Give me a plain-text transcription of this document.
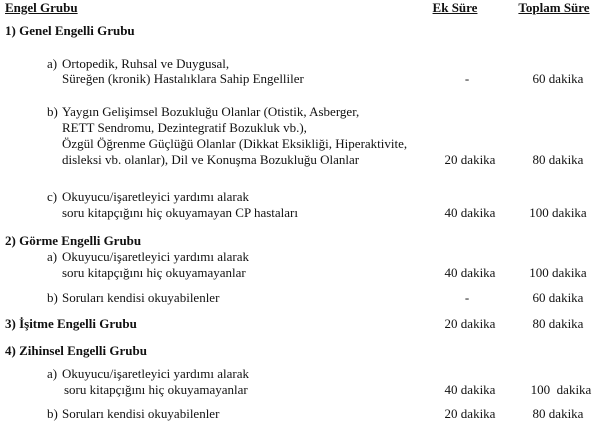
Engel Grubu	Ek Süre	Toplam Süre
1) Genel Engelli Grubu
a) Ortopedik, Ruhsal ve Duygusal,
Süreğen (kronik) Hastalıklara Sahip Engelliler	-	60 dakika
b) Yaygın Gelişimsel Bozukluğu Olanlar (Otistik, Asberger,
RETT Sendromu, Dezintegratif Bozukluk vb.),
Özgül Öğrenme Güçlüğü Olanlar (Dikkat Eksikliği, Hiperaktivite,
disleksi vb. olanlar), Dil ve Konuşma Bozukluğu Olanlar	20 dakika	80 dakika
c) Okuyucu/işaretleyici yardımı alarak
soru kitapçığını hiç okuyamayan CP hastaları	40 dakika	100 dakika
2) Görme Engelli Grubu
a) Okuyucu/işaretleyici yardımı alarak
soru kitapçığını hiç okuyamayanlar	40 dakika	100 dakika
b) Soruları kendisi okuyabilenler	-	60 dakika
3) İşitme Engelli Grubu	20 dakika	80 dakika
4) Zihinsel Engelli Grubu
a) Okuyucu/işaretleyici yardımı alarak
soru kitapçığını hiç okuyamayanlar	40 dakika	100  dakika
b) Soruları kendisi okuyabilenler	20 dakika	80 dakika
